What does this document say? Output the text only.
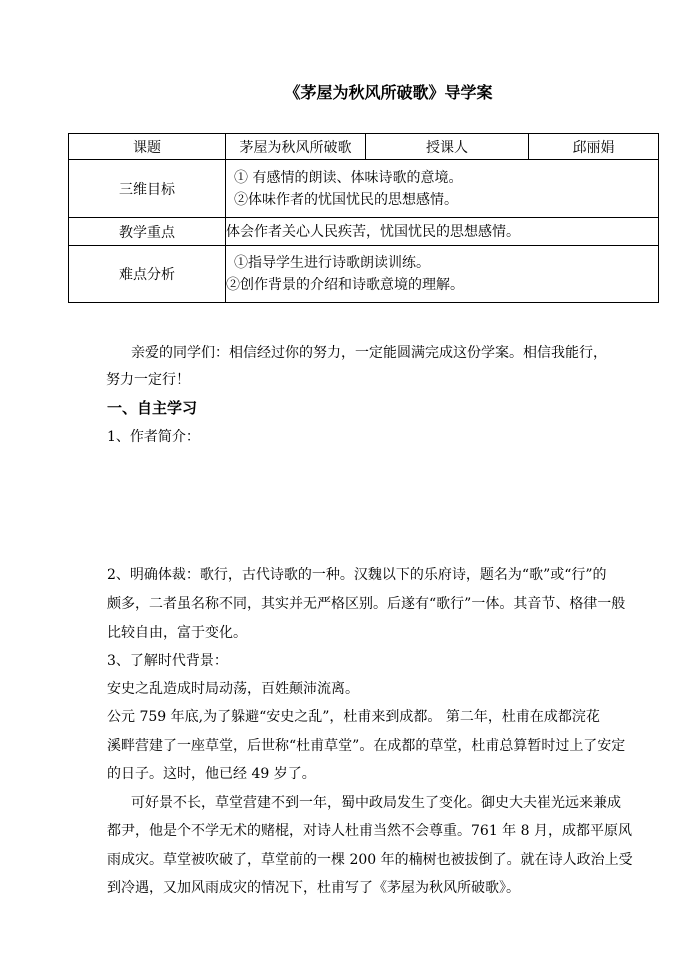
《茅屋为秋风所破歌》导学案
课题	茅屋为秋风所破歌	授课人	邱丽娟
三维目标	① 有感情的朗读、体味诗歌的意境。
②体味作者的忧国忧民的思想感情。		

教学重点	体会作者关心人民疾苦，忧国忧民的思想感情。		

难点分析	①指导学生进行诗歌朗读训练。
②创作背景的介绍和诗歌意境的理解。		
亲爱的同学们：相信经过你的努力，一定能圆满完成这份学案。相信我能行，
努力一定行！
一、自主学习
1、作者简介：
2、明确体裁：歌行，古代诗歌的一种。汉魏以下的乐府诗，题名为“歌”或“行”的
颇多，二者虽名称不同，其实并无严格区别。后遂有“歌行”一体。其音节、格律一般
比较自由，富于变化。
3、了解时代背景：
安史之乱造成时局动荡，百姓颠沛流离。
公元 759 年底,为了躲避“安史之乱”，杜甫来到成都。 第二年，杜甫在成都浣花
溪畔营建了一座草堂，后世称“杜甫草堂”。在成都的草堂，杜甫总算暂时过上了安定
的日子。这时，他已经 49 岁了。
可好景不长，草堂营建不到一年，蜀中政局发生了变化。御史大夫崔光远来兼成
都尹，他是个不学无术的赌棍，对诗人杜甫当然不会尊重。761 年 8 月，成都平原风
雨成灾。草堂被吹破了，草堂前的一棵 200 年的楠树也被拔倒了。就在诗人政治上受
到冷遇，又加风雨成灾的情况下，杜甫写了《茅屋为秋风所破歌》。
